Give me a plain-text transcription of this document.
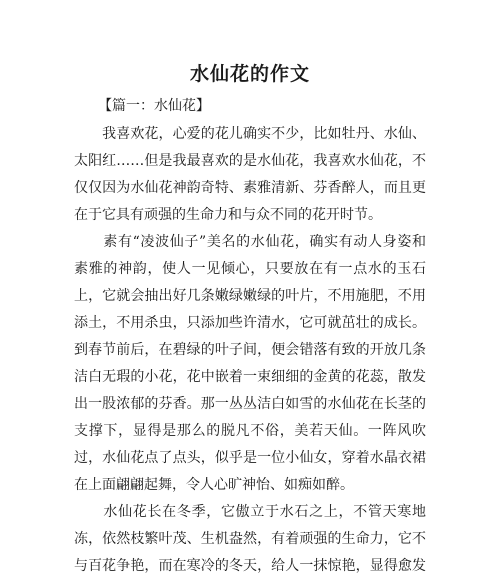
水仙花的作文
【篇一：水仙花】
　　我喜欢花，心爱的花儿确实不少，比如牡丹、水仙、
太阳红……但是我最喜欢的是水仙花，我喜欢水仙花，不
仅仅因为水仙花神韵奇特、素雅清新、芬香醉人，而且更
在于它具有顽强的生命力和与众不同的花开时节。
　　素有“凌波仙子”美名的水仙花，确实有动人身姿和
素雅的神韵，使人一见倾心，只要放在有一点水的玉石
上，它就会抽出好几条嫩绿嫩绿的叶片，不用施肥，不用
添土，不用杀虫，只添加些许清水，它可就茁壮的成长。
到春节前后，在碧绿的叶子间，便会错落有致的开放几条
洁白无瑕的小花，花中嵌着一束细细的金黄的花蕊，散发
出一股浓郁的芬香。那一丛丛洁白如雪的水仙花在长茎的
支撑下，显得是那么的脱凡不俗，美若天仙。一阵风吹
过，水仙花点了点头，似乎是一位小仙女，穿着水晶衣裙
在上面翩翩起舞，令人心旷神怡、如痴如醉。
　　水仙花长在冬季，它傲立于水石之上，不管天寒地
冻，依然枝繁叶茂、生机盎然，有着顽强的生命力，它不
与百花争艳，而在寒冷的冬天，给人一抹惊艳，显得愈发
